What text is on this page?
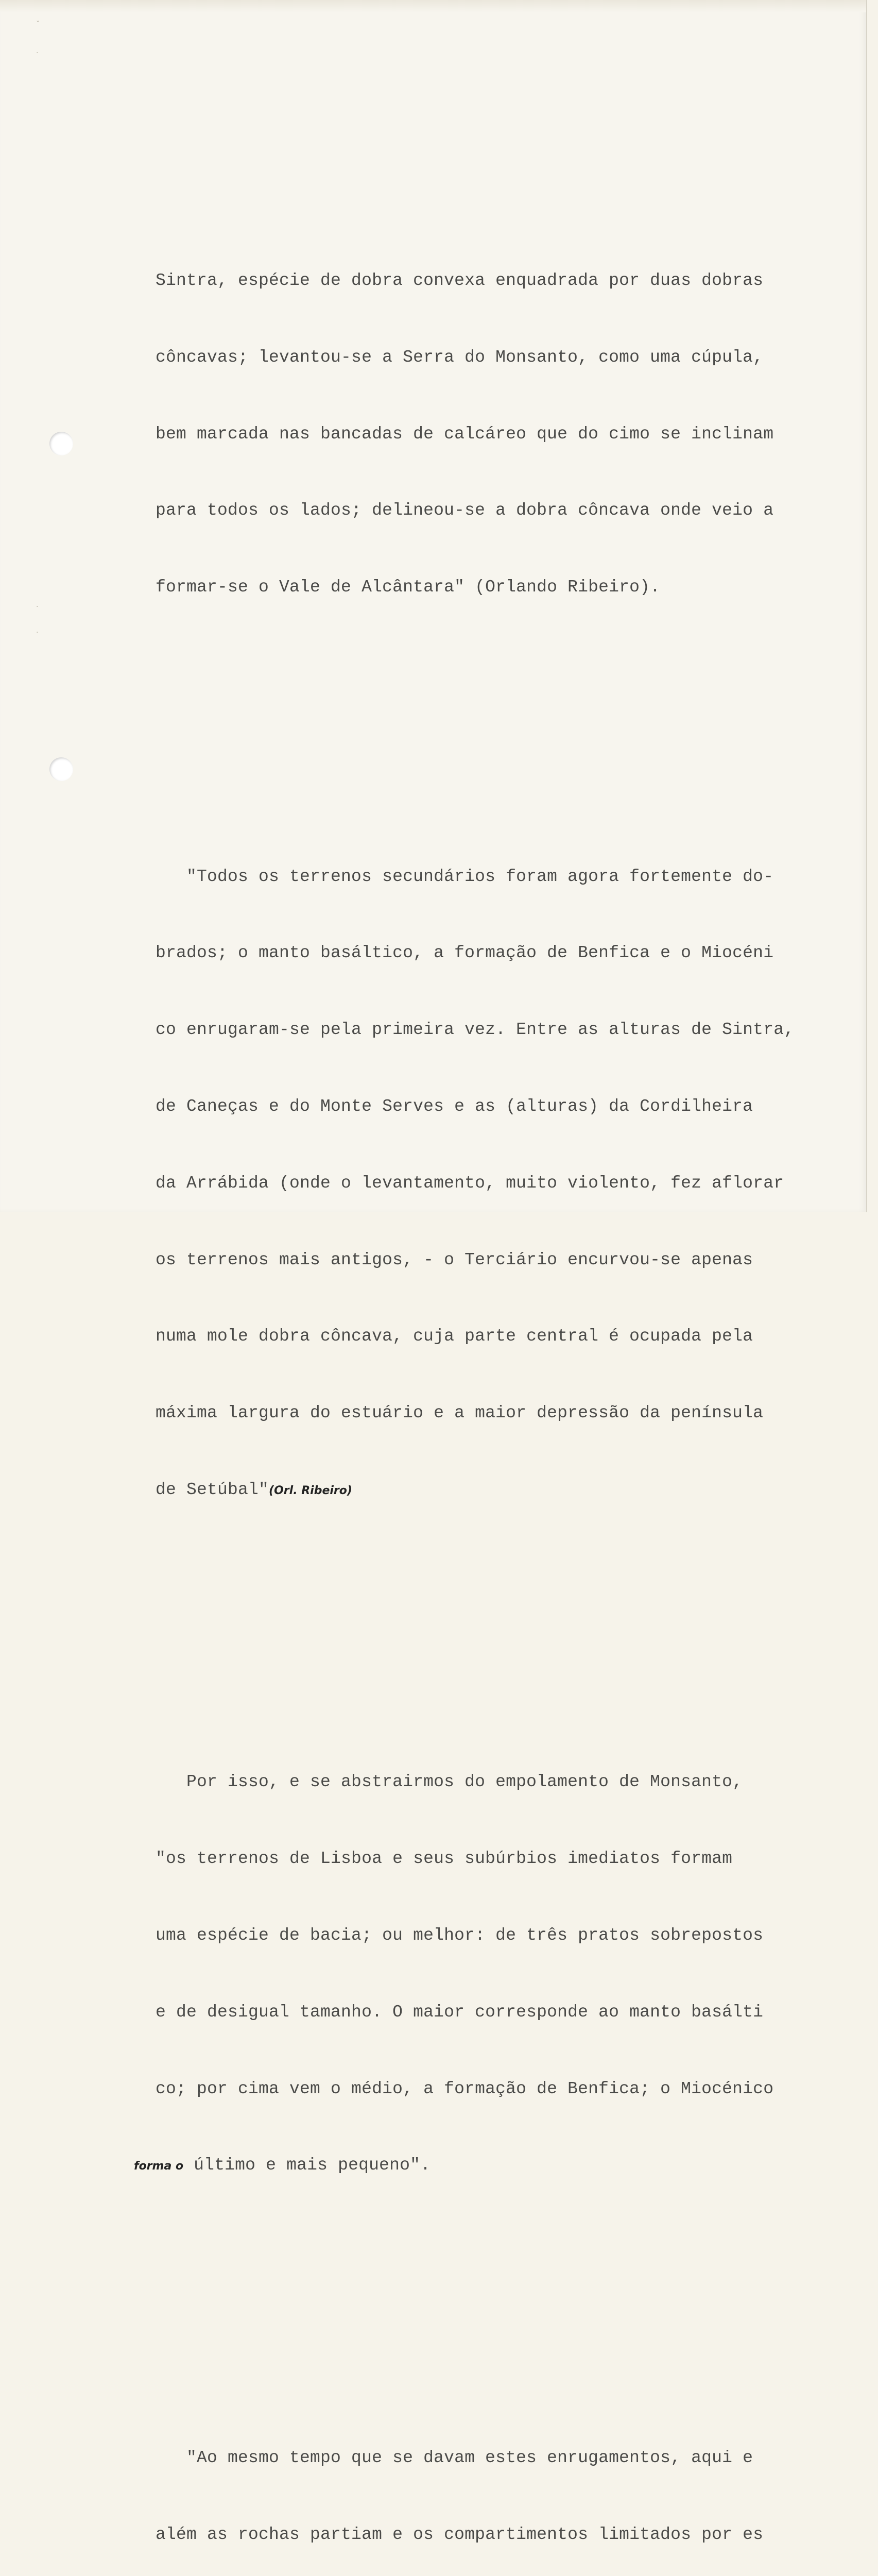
ˇ
·
·
·

Sintra, espécie de dobra convexa enquadrada por duas dobras

côncavas; levantou-se a Serra do Monsanto, como uma cúpula,

bem marcada nas bancadas de calcáreo que do cimo se inclinam

para todos os lados; delineou-se a dobra côncava onde veio a

formar-se o Vale de Alcântara" (Orlando Ribeiro).

"Todos os terrenos secundários foram agora fortemente do-

brados; o manto basáltico, a formação de Benfica e o Miocéni

co enrugaram-se pela primeira vez. Entre as alturas de Sintra,

de Caneças e do Monte Serves e as (alturas) da Cordilheira

da Arrábida (onde o levantamento, muito violento, fez aflorar

os terrenos mais antigos, - o Terciário encurvou-se apenas

numa mole dobra côncava, cuja parte central é ocupada pela

máxima largura do estuário e a maior depressão da península

de Setúbal"(Orl. Ribeiro)

Por isso, e se abstrairmos do empolamento de Monsanto,

"os terrenos de Lisboa e seus subúrbios imediatos formam

uma espécie de bacia; ou melhor: de três pratos sobrepostos

e de desigual tamanho. O maior corresponde ao manto basálti

co; por cima vem o médio, a formação de Benfica; o Miocénico

forma o último e mais pequeno".

"Ao mesmo tempo que se davam estes enrugamentos, aqui e

além as rochas partiam e os compartimentos limitados por es
